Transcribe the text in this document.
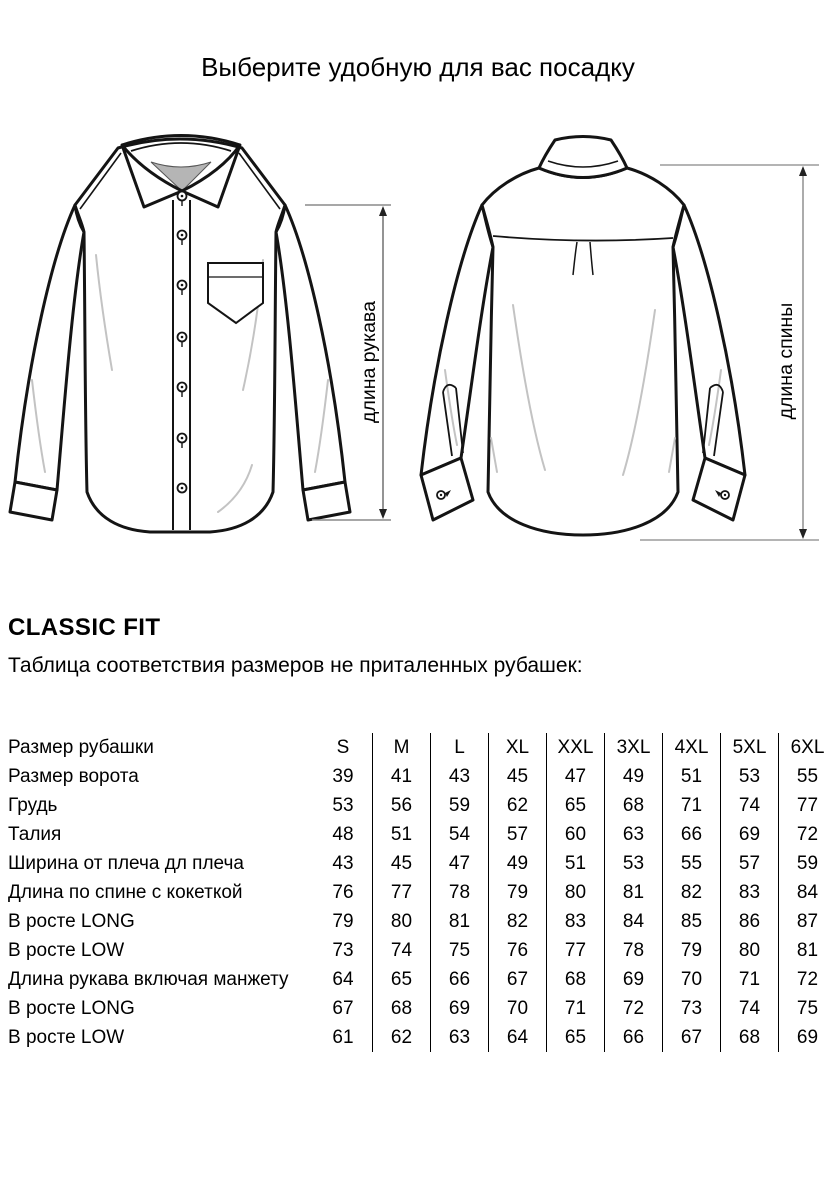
Выберите удобную для вас посадку
длина рукава	длина спины
CLASSIC FIT
Таблица соответствия размеров не приталенных рубашек:
Размер рубашки	S	M	L	XL	XXL	3XL	4XL	5XL	6XL
Размер ворота	39	41	43	45	47	49	51	53	55
Грудь	53	56	59	62	65	68	71	74	77
Талия	48	51	54	57	60	63	66	69	72
Ширина от плеча дл плеча	43	45	47	49	51	53	55	57	59
Длина по спине с кокеткой	76	77	78	79	80	81	82	83	84
В росте LONG	79	80	81	82	83	84	85	86	87
В росте LOW	73	74	75	76	77	78	79	80	81
Длина рукава включая манжету	64	65	66	67	68	69	70	71	72
В росте LONG	67	68	69	70	71	72	73	74	75
В росте LOW	61	62	63	64	65	66	67	68	69
